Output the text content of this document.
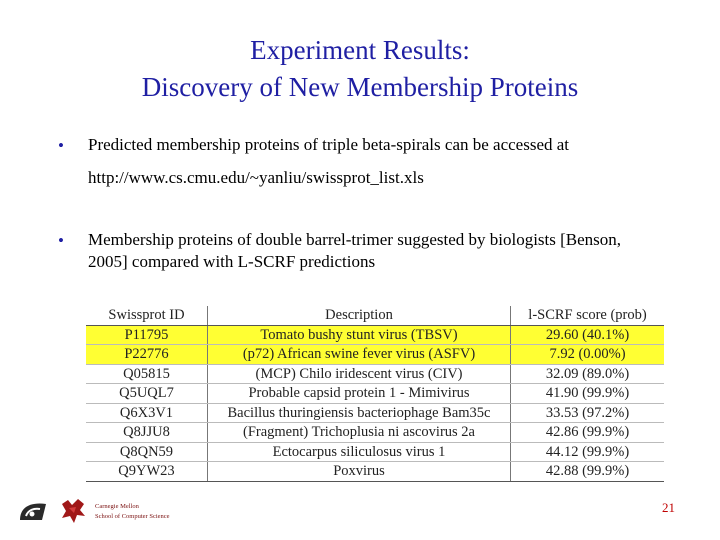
Experiment Results:
Discovery of New Membership Proteins
• Predicted membership proteins of triple beta-spirals can be accessed at
http://www.cs.cmu.edu/~yanliu/swissprot_list.xls
• Membership proteins of double barrel-trimer suggested by biologists [Benson, 2005] compared with L-SCRF predictions
Swissprot ID	Description	l-SCRF score (prob)
P11795	Tomato bushy stunt virus (TBSV)	29.60 (40.1%)
P22776	(p72) African swine fever virus (ASFV)	7.92 (0.00%)
Q05815	(MCP) Chilo iridescent virus (CIV)	32.09 (89.0%)
Q5UQL7	Probable capsid protein 1 - Mimivirus	41.90 (99.9%)
Q6X3V1	Bacillus thuringiensis bacteriophage Bam35c	33.53 (97.2%)
Q8JJU8	(Fragment) Trichoplusia ni ascovirus 2a	42.86 (99.9%)
Q8QN59	Ectocarpus siliculosus virus 1	44.12 (99.9%)
Q9YW23	Poxvirus	42.88 (99.9%)
Carnegie Mellon
School of Computer Science
21
